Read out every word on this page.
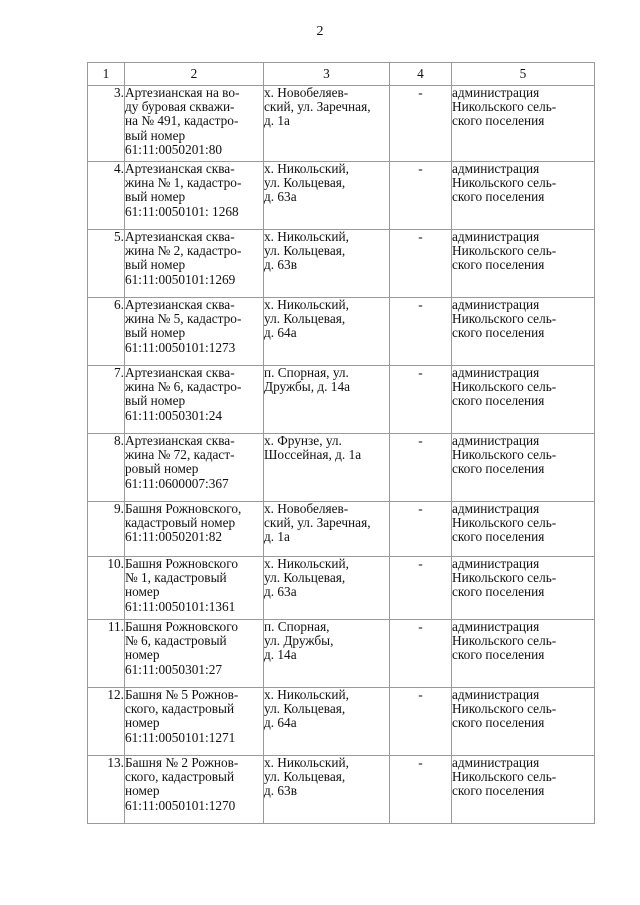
2
1	2	3	4	5

3.	Артезианская на во-
ду буровая скважи-
на № 491, кадастро-
вый номер
61:11:0050201:80	х. Новобеляев-
ский, ул. Заречная,
д. 1а	-	администрация
Никольского сель-
ского поселения

4.	Артезианская сква-
жина № 1, кадастро-
вый номер
61:11:0050101: 1268	х. Никольский,
ул. Кольцевая,
д. 63а	-	администрация
Никольского сель-
ского поселения

5.	Артезианская сква-
жина № 2, кадастро-
вый номер
61:11:0050101:1269	х. Никольский,
ул. Кольцевая,
д. 63в	-	администрация
Никольского сель-
ского поселения

6.	Артезианская сква-
жина № 5, кадастро-
вый номер
61:11:0050101:1273	х. Никольский,
ул. Кольцевая,
д. 64а	-	администрация
Никольского сель-
ского поселения

7.	Артезианская сква-
жина № 6, кадастро-
вый номер
61:11:0050301:24	п. Спорная, ул.
Дружбы, д. 14а	-	администрация
Никольского сель-
ского поселения

8.	Артезианская сква-
жина № 72, кадаст-
ровый номер
61:11:0600007:367	х. Фрунзе, ул.
Шоссейная, д. 1а	-	администрация
Никольского сель-
ского поселения

9.	Башня Рожновского,
кадастровый номер
61:11:0050201:82	х. Новобеляев-
ский, ул. Заречная,
д. 1а	-	администрация
Никольского сель-
ского поселения

10.	Башня Рожновского
№ 1, кадастровый
номер
61:11:0050101:1361	х. Никольский,
ул. Кольцевая,
д. 63а	-	администрация
Никольского сель-
ского поселения

11.	Башня Рожновского
№ 6, кадастровый
номер
61:11:0050301:27	п. Спорная,
ул. Дружбы,
д. 14а	-	администрация
Никольского сель-
ского поселения

12.	Башня № 5 Рожнов-
ского, кадастровый
номер
61:11:0050101:1271	х. Никольский,
ул. Кольцевая,
д. 64а	-	администрация
Никольского сель-
ского поселения

13.	Башня № 2 Рожнов-
ского, кадастровый
номер
61:11:0050101:1270	х. Никольский,
ул. Кольцевая,
д. 63в	-	администрация
Никольского сель-
ского поселения
